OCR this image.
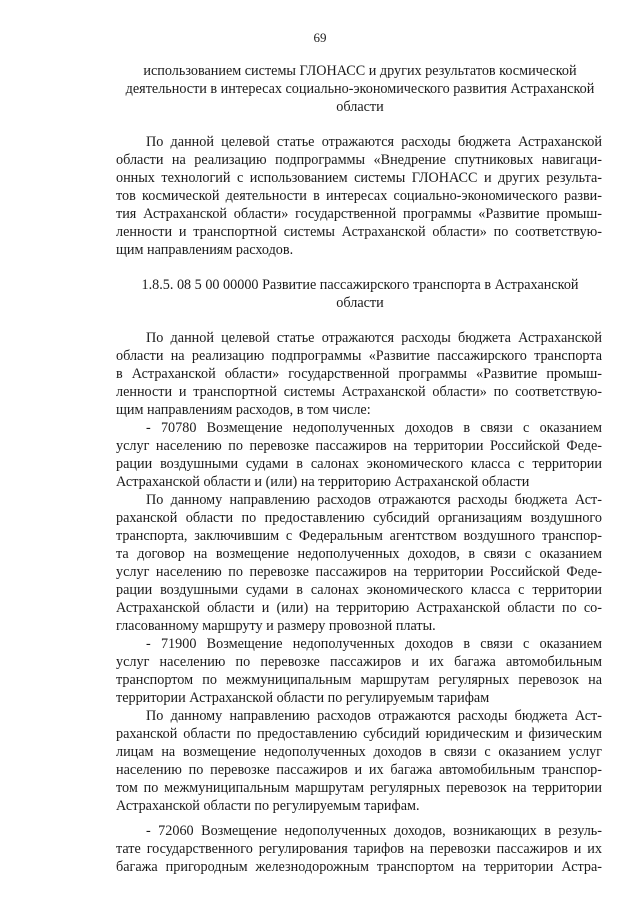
69
использованием системы ГЛОНАСС и других результатов космической
деятельности в интересах социально-экономического развития Астраханской
области
По данной целевой статье отражаются расходы бюджета Астраханской
области на реализацию подпрограммы «Внедрение спутниковых навигаци-
онных технологий с использованием системы ГЛОНАСС и других результа-
тов космической деятельности в интересах социально-экономического разви-
тия Астраханской области» государственной программы «Развитие промыш-
ленности и транспортной системы Астраханской области» по соответствую-
щим направлениям расходов.
1.8.5. 08 5 00 00000 Развитие пассажирского транспорта в Астраханской
области
По данной целевой статье отражаются расходы бюджета Астраханской
области на реализацию подпрограммы «Развитие пассажирского транспорта
в Астраханской области» государственной программы «Развитие промыш-
ленности и транспортной системы Астраханской области» по соответствую-
щим направлениям расходов, в том числе:
- 70780 Возмещение недополученных доходов в связи с оказанием
услуг населению по перевозке пассажиров на территории Российской Феде-
рации воздушными судами в салонах экономического класса с территории
Астраханской области и (или) на территорию Астраханской области
По данному направлению расходов отражаются расходы бюджета Аст-
раханской области по предоставлению субсидий организациям воздушного
транспорта, заключившим с Федеральным агентством воздушного транспор-
та договор на возмещение недополученных доходов, в связи с оказанием
услуг населению по перевозке пассажиров на территории Российской Феде-
рации воздушными судами в салонах экономического класса с территории
Астраханской области и (или) на территорию Астраханской области по со-
гласованному маршруту и размеру провозной платы.
- 71900 Возмещение недополученных доходов в связи с оказанием
услуг населению по перевозке пассажиров и их багажа автомобильным
транспортом по межмуниципальным маршрутам регулярных перевозок на
территории Астраханской области по регулируемым тарифам
По данному направлению расходов отражаются расходы бюджета Аст-
раханской области по предоставлению субсидий юридическим и физическим
лицам на возмещение недополученных доходов в связи с оказанием услуг
населению по перевозке пассажиров и их багажа автомобильным транспор-
том по межмуниципальным маршрутам регулярных перевозок на территории
Астраханской области по регулируемым тарифам.
- 72060 Возмещение недополученных доходов, возникающих в резуль-
тате государственного регулирования тарифов на перевозки пассажиров и их
багажа пригородным железнодорожным транспортом на территории Астра-
